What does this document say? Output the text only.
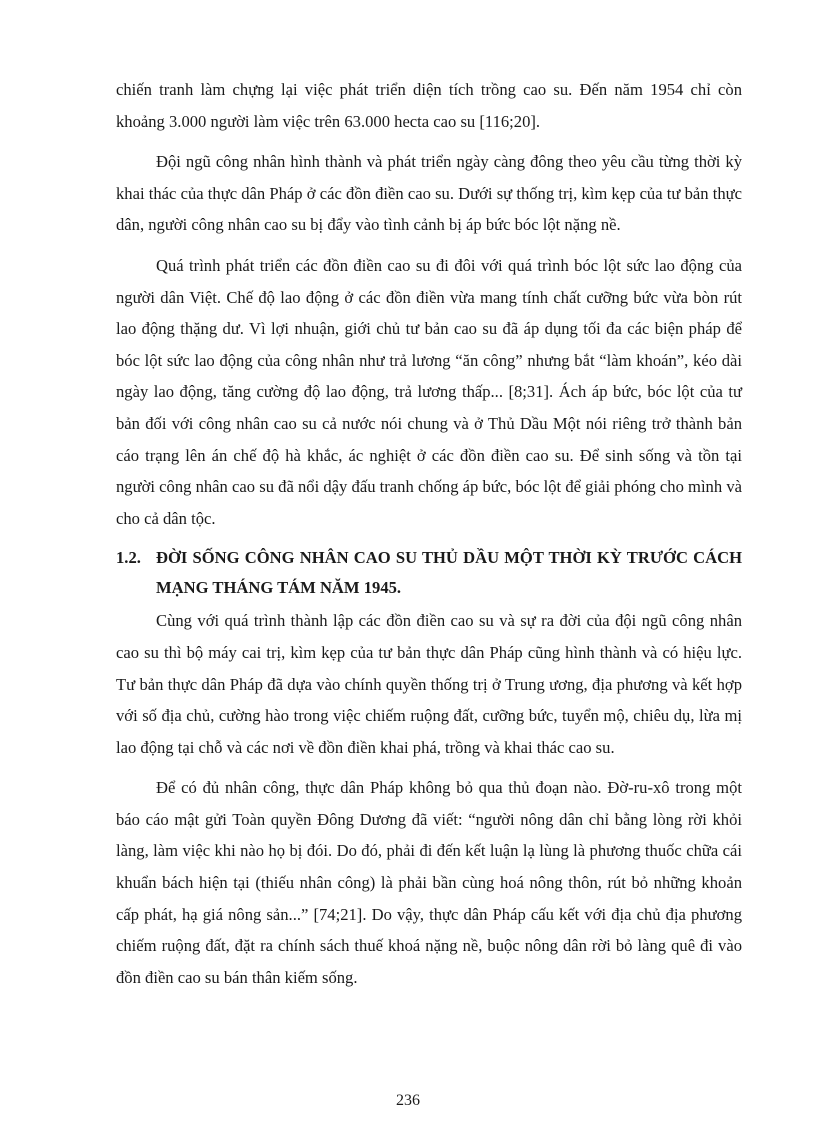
chiến tranh làm chựng lại việc phát triển diện tích trồng cao su. Đến năm 1954 chỉ còn khoảng 3.000 người làm việc trên 63.000 hecta cao su [116;20].

Đội ngũ công nhân hình thành và phát triển ngày càng đông theo yêu cầu từng thời kỳ khai thác của thực dân Pháp ở các đồn điền cao su. Dưới sự thống trị, kìm kẹp của tư bản thực dân, người công nhân cao su bị đẩy vào tình cảnh bị áp bức bóc lột nặng nề.

Quá trình phát triển các đồn điền cao su đi đôi với quá trình bóc lột sức lao động của người dân Việt. Chế độ lao động ở các đồn điền vừa mang tính chất cưỡng bức vừa bòn rút lao động thặng dư. Vì lợi nhuận, giới chủ tư bản cao su đã áp dụng tối đa các biện pháp để bóc lột sức lao động của công nhân như trả lương “ăn công” nhưng bắt “làm khoán”, kéo dài ngày lao động, tăng cường độ lao động, trả lương thấp... [8;31]. Ách áp bức, bóc lột của tư bản đối với công nhân cao su cả nước nói chung và ở Thủ Dầu Một nói riêng trở thành bản cáo trạng lên án chế độ hà khắc, ác nghiệt ở các đồn điền cao su. Để sinh sống và tồn tại người công nhân cao su đã nổi dậy đấu tranh chống áp bức, bóc lột để giải phóng cho mình và cho cả dân tộc.

1.2. ĐỜI SỐNG CÔNG NHÂN CAO SU THỦ DẦU MỘT THỜI KỲ TRƯỚC CÁCH MẠNG THÁNG TÁM NĂM 1945.

Cùng với quá trình thành lập các đồn điền cao su và sự ra đời của đội ngũ công nhân cao su thì bộ máy cai trị, kìm kẹp của tư bản thực dân Pháp cũng hình thành và có hiệu lực. Tư bản thực dân Pháp đã dựa vào chính quyền thống trị ở Trung ương, địa phương và kết hợp với số địa chủ, cường hào trong việc chiếm ruộng đất, cưỡng bức, tuyển mộ, chiêu dụ, lừa mị lao động tại chỗ và các nơi về đồn điền khai phá, trồng và khai thác cao su.

Để có đủ nhân công, thực dân Pháp không bỏ qua thủ đoạn nào. Đờ-ru-xô trong một báo cáo mật gửi Toàn quyền Đông Dương đã viết: “người nông dân chỉ bằng lòng rời khỏi làng, làm việc khi nào họ bị đói. Do đó, phải đi đến kết luận lạ lùng là phương thuốc chữa cái khuẩn bách hiện tại (thiếu nhân công) là phải bần cùng hoá nông thôn, rút bỏ những khoản cấp phát, hạ giá nông sản...” [74;21]. Do vậy, thực dân Pháp cấu kết với địa chủ địa phương chiếm ruộng đất, đặt ra chính sách thuế khoá nặng nề, buộc nông dân rời bỏ làng quê đi vào đồn điền cao su bán thân kiếm sống.

236
